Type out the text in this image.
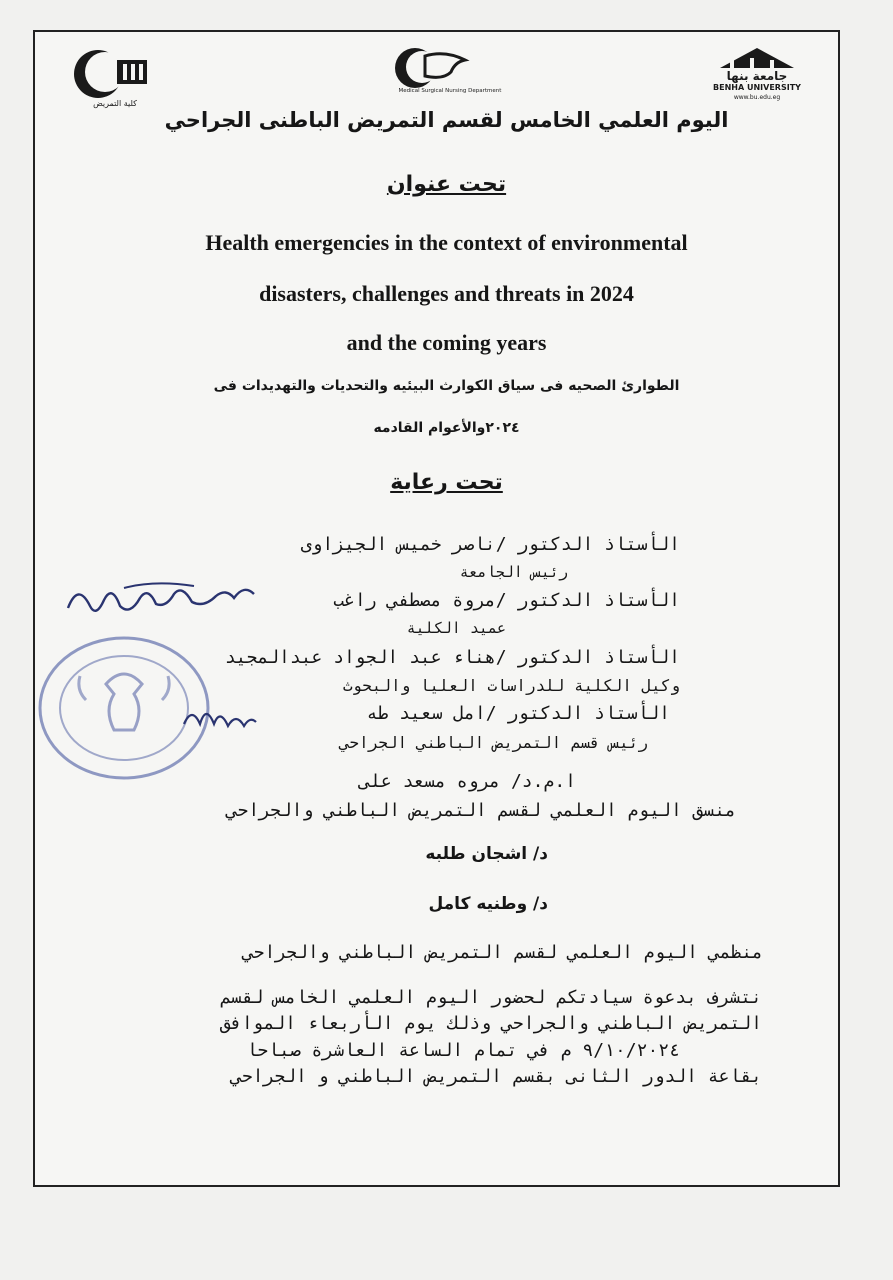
كلية التمريض
Medical Surgical Nursing Department
جامعة بنها
BENHA UNIVERSITY
www.bu.edu.eg
اليوم العلمي الخامس لقسم التمريض الباطنى الجراحي
تحت عنوان
Health emergencies in the context of environmental
disasters, challenges and threats in 2024
and the coming years
الطوارئ الصحيه فى سياق الكوارث البيئيه والتحديات والتهديدات فى
٢٠٢٤والأعوام القادمه
تحت رعاية
الأستاذ الدكتور /ناصر خميس الجيزاوى
رئيس الجامعة
الأستاذ الدكتور /مروة مصطفي راغب
عميد الكلية
الأستاذ الدكتور /هناء عبد الجواد عبدالمجيد
وكيل الكلية للدراسات العليا والبحوث
الأستاذ الدكتور /امل سعيد طه
رئيس قسم التمريض الباطني الجراحي
ا.م.د/ مروه مسعد على
منسق اليوم العلمي لقسم التمريض الباطني والجراحي
د/ اشجان طلبه
د/ وطنيه كامل
منظمي اليوم العلمي لقسم التمريض الباطني والجراحي
نتشرف بدعوة سيادتكم لحضور اليوم العلمي الخامس لقسم
التمريض الباطني والجراحي وذلك يوم الأربعاء الموافق
٩/١٠/٢٠٢٤ م في تمام الساعة العاشرة صباحا
بقاعة الدور الثانى بقسم التمريض الباطني و الجراحي
